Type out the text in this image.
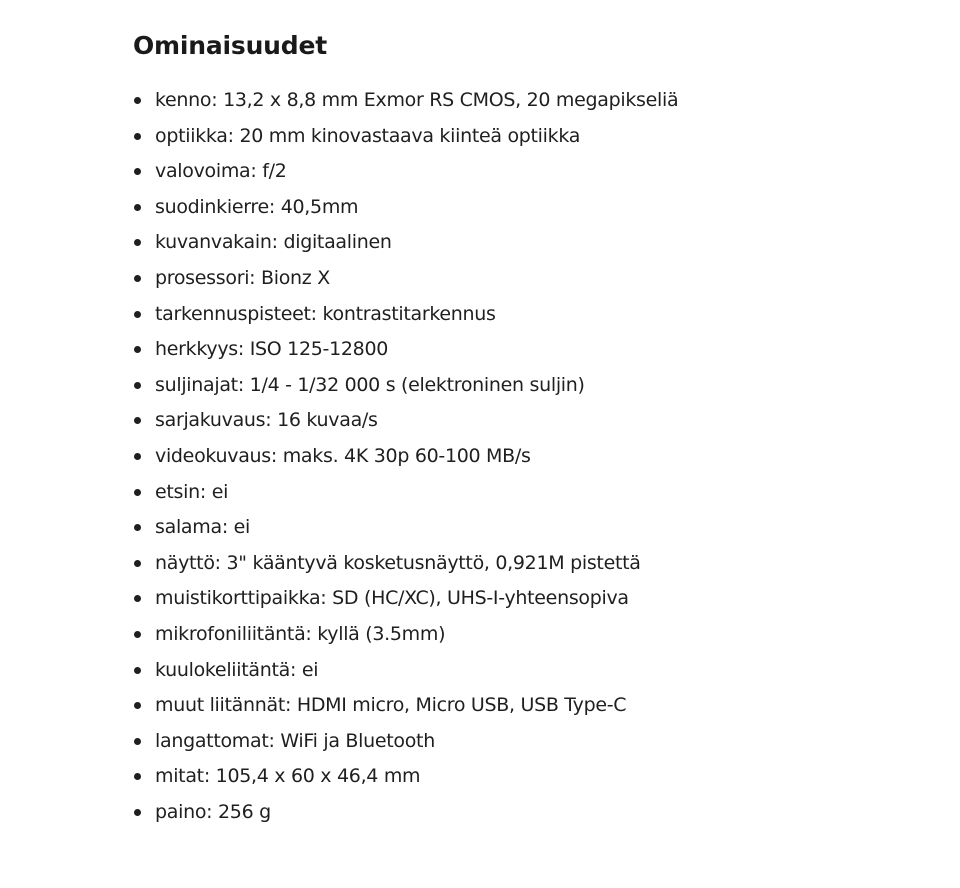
Ominaisuudet
kenno: 13,2 x 8,8 mm Exmor RS CMOS, 20 megapikseliä
optiikka: 20 mm kinovastaava kiinteä optiikka
valovoima: f/2
suodinkierre: 40,5mm
kuvanvakain: digitaalinen
prosessori: Bionz X
tarkennuspisteet: kontrastitarkennus
herkkyys: ISO 125-12800
suljinajat: 1/4 - 1/32 000 s (elektroninen suljin)
sarjakuvaus: 16 kuvaa/s
videokuvaus: maks. 4K 30p 60-100 MB/s
etsin: ei
salama: ei
näyttö: 3" kääntyvä kosketusnäyttö, 0,921M pistettä
muistikorttipaikka: SD (HC/XC), UHS-I-yhteensopiva
mikrofoniliitäntä: kyllä (3.5mm)
kuulokeliitäntä: ei
muut liitännät: HDMI micro, Micro USB, USB Type-C
langattomat: WiFi ja Bluetooth
mitat: 105,4 x 60 x 46,4 mm
paino: 256 g
